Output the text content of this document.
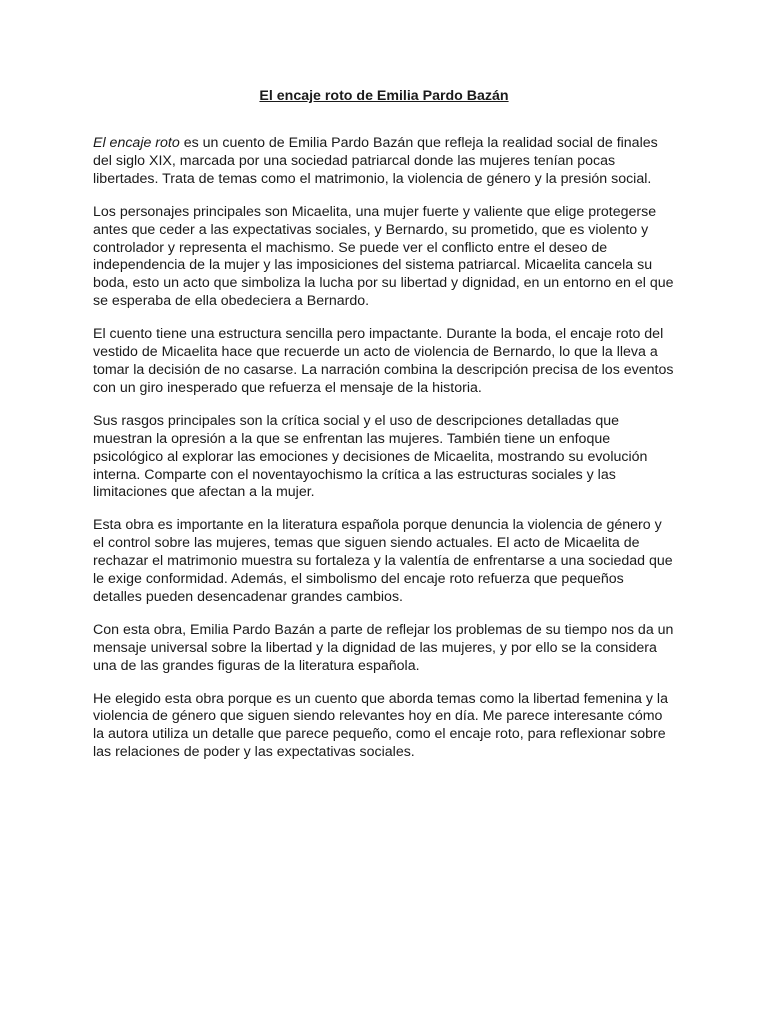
El encaje roto de Emilia Pardo Bazán

El encaje roto es un cuento de Emilia Pardo Bazán que refleja la realidad social de finales
del siglo XIX, marcada por una sociedad patriarcal donde las mujeres tenían pocas
libertades. Trata de temas como el matrimonio, la violencia de género y la presión social.

Los personajes principales son Micaelita, una mujer fuerte y valiente que elige protegerse
antes que ceder a las expectativas sociales, y Bernardo, su prometido, que es violento y
controlador y representa el machismo. Se puede ver el conflicto entre el deseo de
independencia de la mujer y las imposiciones del sistema patriarcal. Micaelita cancela su
boda, esto un acto que simboliza la lucha por su libertad y dignidad, en un entorno en el que
se esperaba de ella obedeciera a Bernardo.

El cuento tiene una estructura sencilla pero impactante. Durante la boda, el encaje roto del
vestido de Micaelita hace que recuerde un acto de violencia de Bernardo, lo que la lleva a
tomar la decisión de no casarse. La narración combina la descripción precisa de los eventos
con un giro inesperado que refuerza el mensaje de la historia.

Sus rasgos principales son la crítica social y el uso de descripciones detalladas que
muestran la opresión a la que se enfrentan las mujeres. También tiene un enfoque
psicológico al explorar las emociones y decisiones de Micaelita, mostrando su evolución
interna. Comparte con el noventayochismo la crítica a las estructuras sociales y las
limitaciones que afectan a la mujer.

Esta obra es importante en la literatura española porque denuncia la violencia de género y
el control sobre las mujeres, temas que siguen siendo actuales. El acto de Micaelita de
rechazar el matrimonio muestra su fortaleza y la valentía de enfrentarse a una sociedad que
le exige conformidad. Además, el simbolismo del encaje roto refuerza que pequeños
detalles pueden desencadenar grandes cambios.

Con esta obra, Emilia Pardo Bazán a parte de reflejar los problemas de su tiempo nos da un
mensaje universal sobre la libertad y la dignidad de las mujeres, y por ello se la considera
una de las grandes figuras de la literatura española.

He elegido esta obra porque es un cuento que aborda temas como la libertad femenina y la
violencia de género que siguen siendo relevantes hoy en día. Me parece interesante cómo
la autora utiliza un detalle que parece pequeño, como el encaje roto, para reflexionar sobre
las relaciones de poder y las expectativas sociales.
